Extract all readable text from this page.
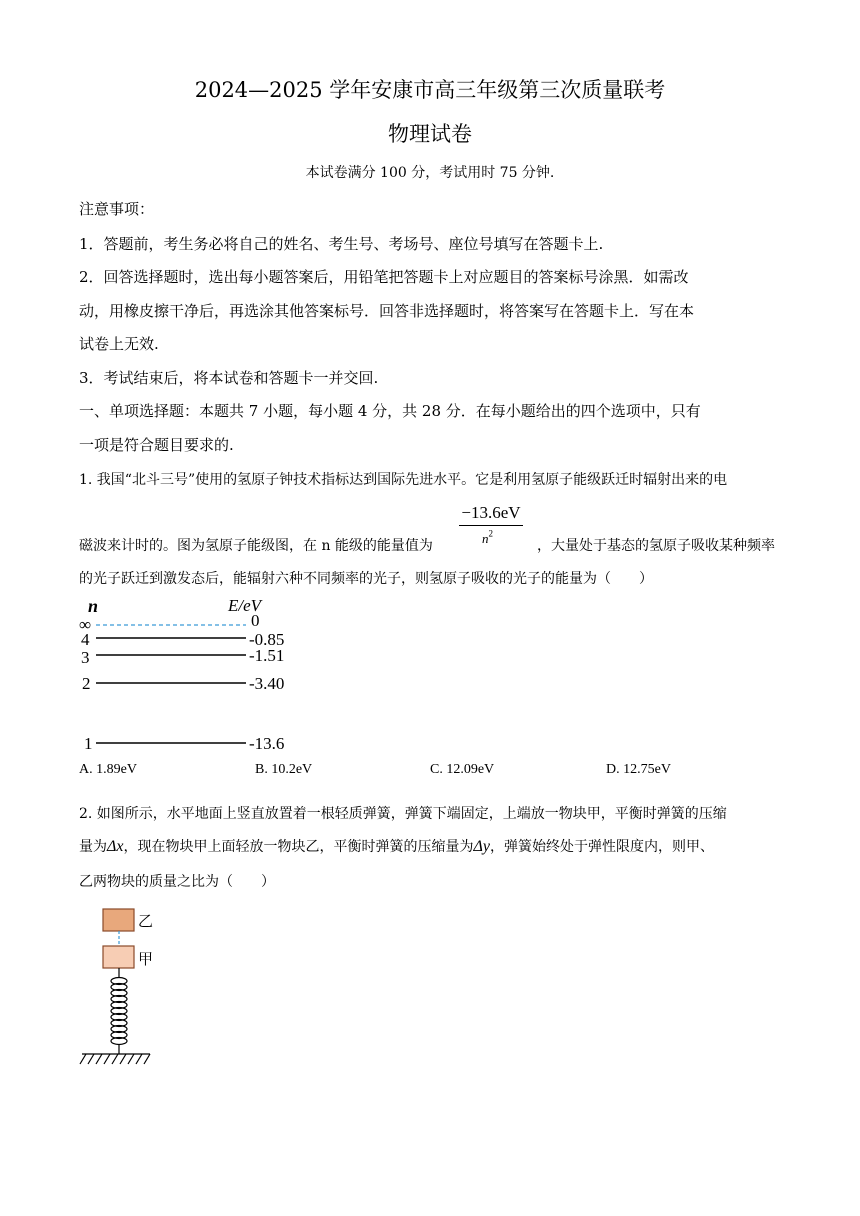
2024—2025 学年安康市高三年级第三次质量联考
物理试卷
本试卷满分 100 分，考试用时 75 分钟.
注意事项：
1．答题前，考生务必将自己的姓名、考生号、考场号、座位号填写在答题卡上.
2．回答选择题时，选出每小题答案后，用铅笔把答题卡上对应题目的答案标号涂黑．如需改
动，用橡皮擦干净后，再选涂其他答案标号．回答非选择题时，将答案写在答题卡上．写在本
试卷上无效.
3．考试结束后，将本试卷和答题卡一并交回.
一、单项选择题：本题共 7 小题，每小题 4 分，共 28 分．在每小题给出的四个选项中，只有
一项是符合题目要求的.
1. 我国“北斗三号”使用的氢原子钟技术指标达到国际先进水平。它是利用氢原子能级跃迁时辐射出来的电
磁波来计时的。图为氢原子能级图，在 n 能级的能量值为
−13.6eV
$n^2$
，大量处于基态的氢原子吸收某种频率
的光子跃迁到激发态后，能辐射六种不同频率的光子，则氢原子吸收的光子的能量为（　　）
n	E/eV
∞	0
4	-0.85
3	-1.51
2	-3.40
1	-13.6
A. 1.89eV	B. 10.2eV	C. 12.09eV	D. 12.75eV
2. 如图所示，水平地面上竖直放置着一根轻质弹簧，弹簧下端固定，上端放一物块甲，平衡时弹簧的压缩
量为Δx，现在物块甲上面轻放一物块乙，平衡时弹簧的压缩量为Δy，弹簧始终处于弹性限度内，则甲、
乙两物块的质量之比为（　　）
乙
甲
